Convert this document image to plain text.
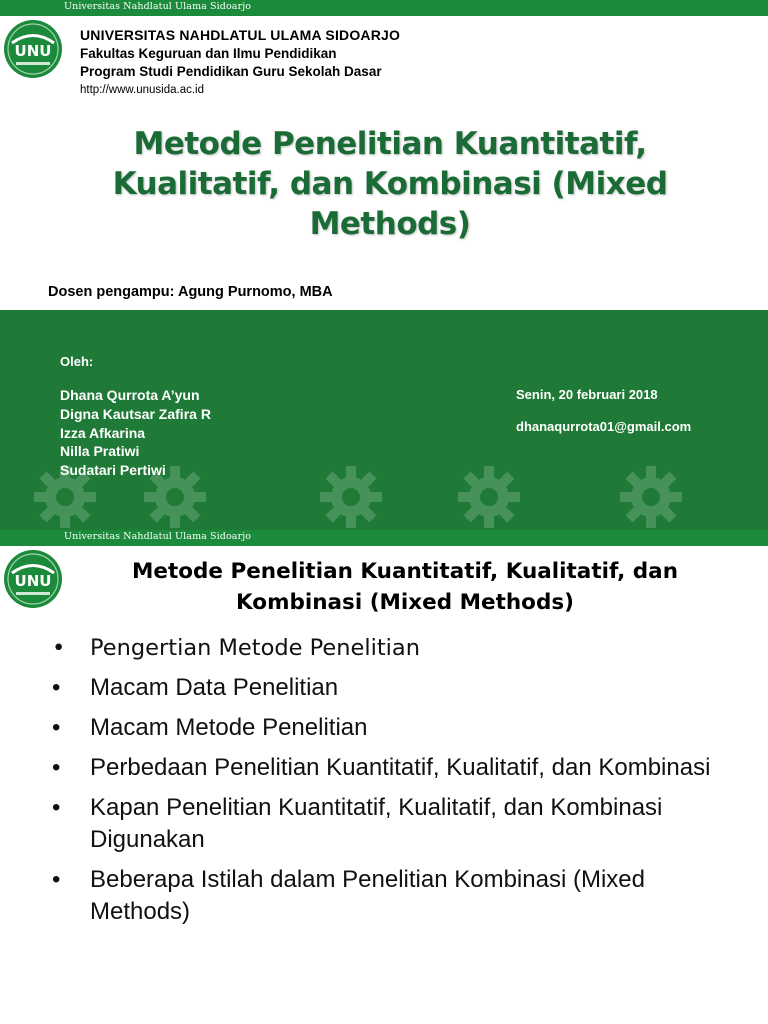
Universitas Nahdlatul Ulama Sidoarjo
UNU
UNIVERSITAS NAHDLATUL ULAMA SIDOARJO
Fakultas Keguruan dan Ilmu Pendidikan
Program Studi Pendidikan Guru Sekolah Dasar
http://www.unusida.ac.id
Metode Penelitian Kuantitatif,
Kualitatif, dan Kombinasi (Mixed
Methods)
Dosen pengampu: Agung Purnomo, MBA
Oleh:
Dhana Qurrota A’yun
Digna Kautsar Zafira R
Izza Afkarina
Nilla Pratiwi
Sudatari Pertiwi
Senin, 20 februari 2018
dhanaqurrota01@gmail.com
Universitas Nahdlatul Ulama Sidoarjo
UNU	Metode Penelitian Kuantitatif, Kualitatif, dan
Kombinasi (Mixed Methods)
• Pengertian Metode Penelitian
• Macam Data Penelitian
• Macam Metode Penelitian
• Perbedaan Penelitian Kuantitatif, Kualitatif, dan Kombinasi
• Kapan Penelitian Kuantitatif, Kualitatif, dan Kombinasi Digunakan
• Beberapa Istilah dalam Penelitian Kombinasi (Mixed Methods)
